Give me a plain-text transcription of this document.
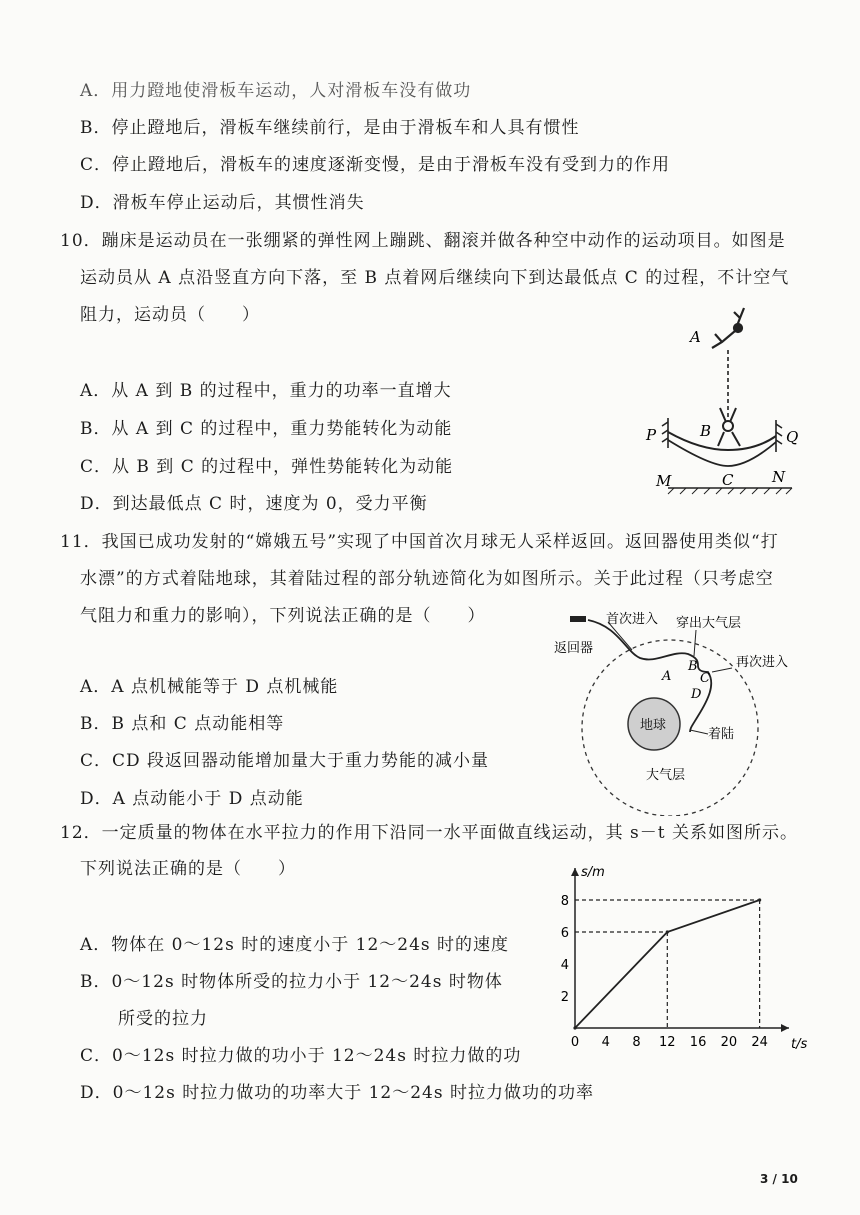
A．用力蹬地使滑板车运动，人对滑板车没有做功
B．停止蹬地后，滑板车继续前行，是由于滑板车和人具有惯性
C．停止蹬地后，滑板车的速度逐渐变慢，是由于滑板车没有受到力的作用
D．滑板车停止运动后，其惯性消失
10．蹦床是运动员在一张绷紧的弹性网上蹦跳、翻滚并做各种空中动作的运动项目。如图是
运动员从 A 点沿竖直方向下落，至 B 点着网后继续向下到达最低点 C 的过程，不计空气
阻力，运动员（　　）
A．从 A 到 B 的过程中，重力的功率一直增大
B．从 A 到 C 的过程中，重力势能转化为动能
C．从 B 到 C 的过程中，弹性势能转化为动能
D．到达最低点 C 时，速度为 0，受力平衡
A
P	Q
B
M	C	N
11．我国已成功发射的“嫦娥五号”实现了中国首次月球无人采样返回。返回器使用类似“打
水漂”的方式着陆地球，其着陆过程的部分轨迹简化为如图所示。关于此过程（只考虑空
气阻力和重力的影响），下列说法正确的是（　　）
A．A 点机械能等于 D 点机械能
B．B 点和 C 点动能相等
C．CD 段返回器动能增加量大于重力势能的减小量
D．A 点动能小于 D 点动能
地球
返回器
首次进入 穿出大气层
再次进入
着陆
大气层
A
B
C
D
12．一定质量的物体在水平拉力的作用下沿同一水平面做直线运动，其 s－t 关系如图所示。
下列说法正确的是（　　）
A．物体在 0～12s 时的速度小于 12～24s 时的速度
B．0～12s 时物体所受的拉力小于 12～24s 时物体
所受的拉力
C．0～12s 时拉力做的功小于 12～24s 时拉力做的功
D．0～12s 时拉力做功的功率大于 12～24s 时拉力做功的功率
s/m
t/s
0 4 8 12 16 20 24
2
4
6
8
3 / 10
